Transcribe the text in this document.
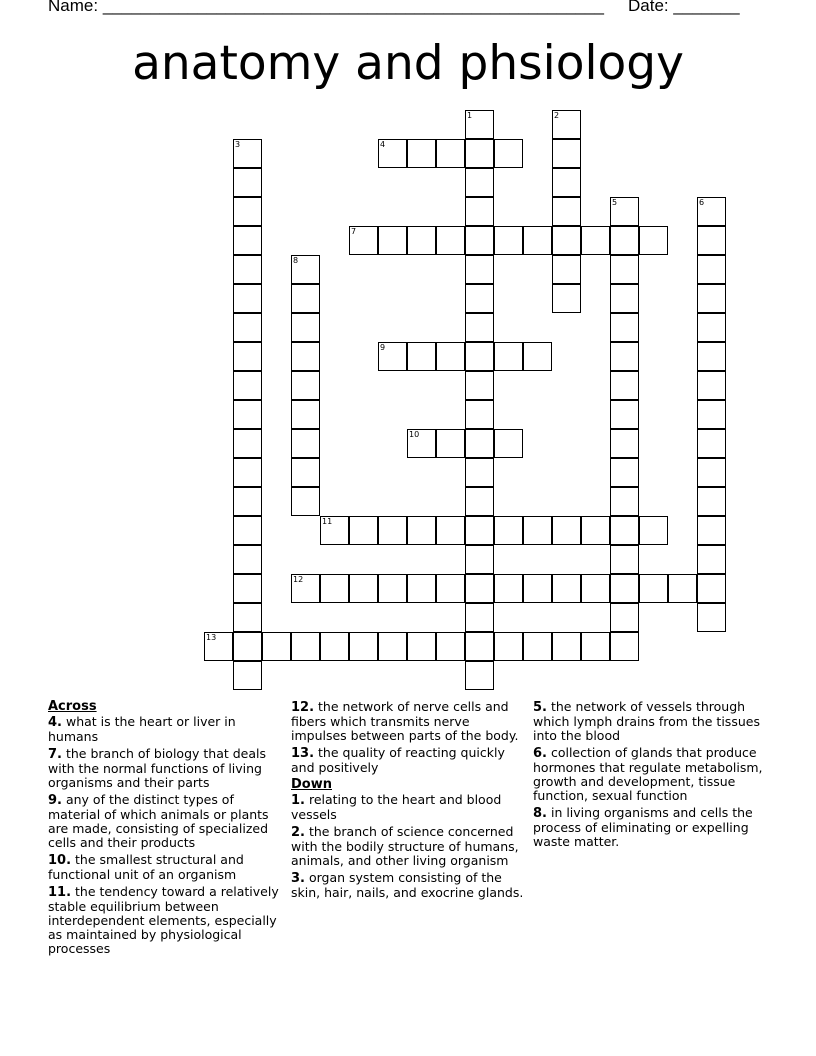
Name: _____________________________________________________ Date: _______
anatomy and phsiology
1	2
3	4
5	6
7
8
9
10
11
12
13
Across
4. what is the heart or liver in humans
7. the branch of biology that deals with the normal functions of living organisms and their parts
9. any of the distinct types of material of which animals or plants are made, consisting of specialized cells and their products
10. the smallest structural and functional unit of an organism
11. the tendency toward a relatively stable equilibrium between interdependent elements, especially as maintained by physiological processes
12. the network of nerve cells and fibers which transmits nerve impulses between parts of the body.
13. the quality of reacting quickly and positively
Down
1. relating to the heart and blood vessels
2. the branch of science concerned with the bodily structure of humans, animals, and other living organism
3. organ system consisting of the skin, hair, nails, and exocrine glands.
5. the network of vessels through which lymph drains from the tissues into the blood
6. collection of glands that produce hormones that regulate metabolism, growth and development, tissue function, sexual function
8. in living organisms and cells the process of eliminating or expelling waste matter.
